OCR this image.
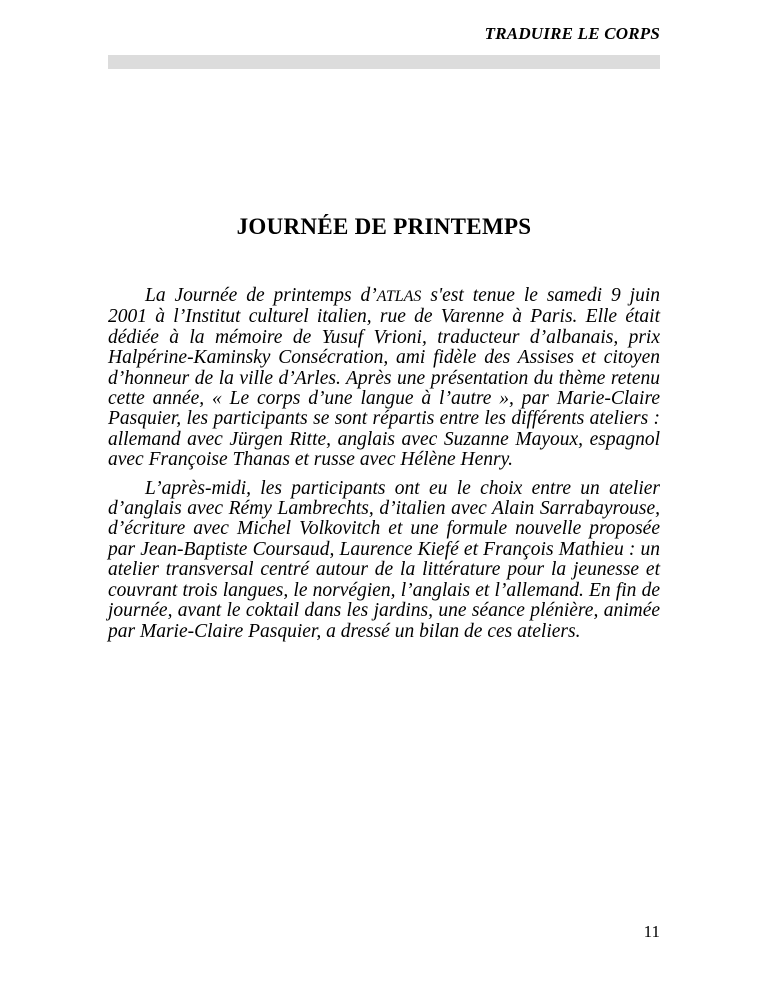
TRADUIRE LE CORPS
JOURNÉE DE PRINTEMPS

La Journée de printemps d’ATLAS s'est tenue le samedi 9 juin 2001 à l’Institut culturel italien, rue de Varenne à Paris. Elle était dédiée à la mémoire de Yusuf Vrioni, traducteur d’albanais, prix Halpérine-Kaminsky Consécration, ami fidèle des Assises et citoyen d’honneur de la ville d’Arles. Après une présentation du thème retenu cette année, « Le corps d’une langue à l’autre », par Marie-Claire Pasquier, les participants se sont répartis entre les différents ateliers : allemand avec Jürgen Ritte, anglais avec Suzanne Mayoux, espagnol avec Françoise Thanas et russe avec Hélène Henry.

L’après-midi, les participants ont eu le choix entre un atelier d’anglais avec Rémy Lambrechts, d’italien avec Alain Sarrabayrouse, d’écriture avec Michel Volkovitch et une formule nouvelle proposée par Jean-Baptiste Coursaud, Laurence Kiefé et François Mathieu : un atelier transversal centré autour de la littérature pour la jeunesse et couvrant trois langues, le norvégien, l’anglais et l’allemand. En fin de journée, avant le coktail dans les jardins, une séance plénière, animée par Marie-Claire Pasquier, a dressé un bilan de ces ateliers.

11
